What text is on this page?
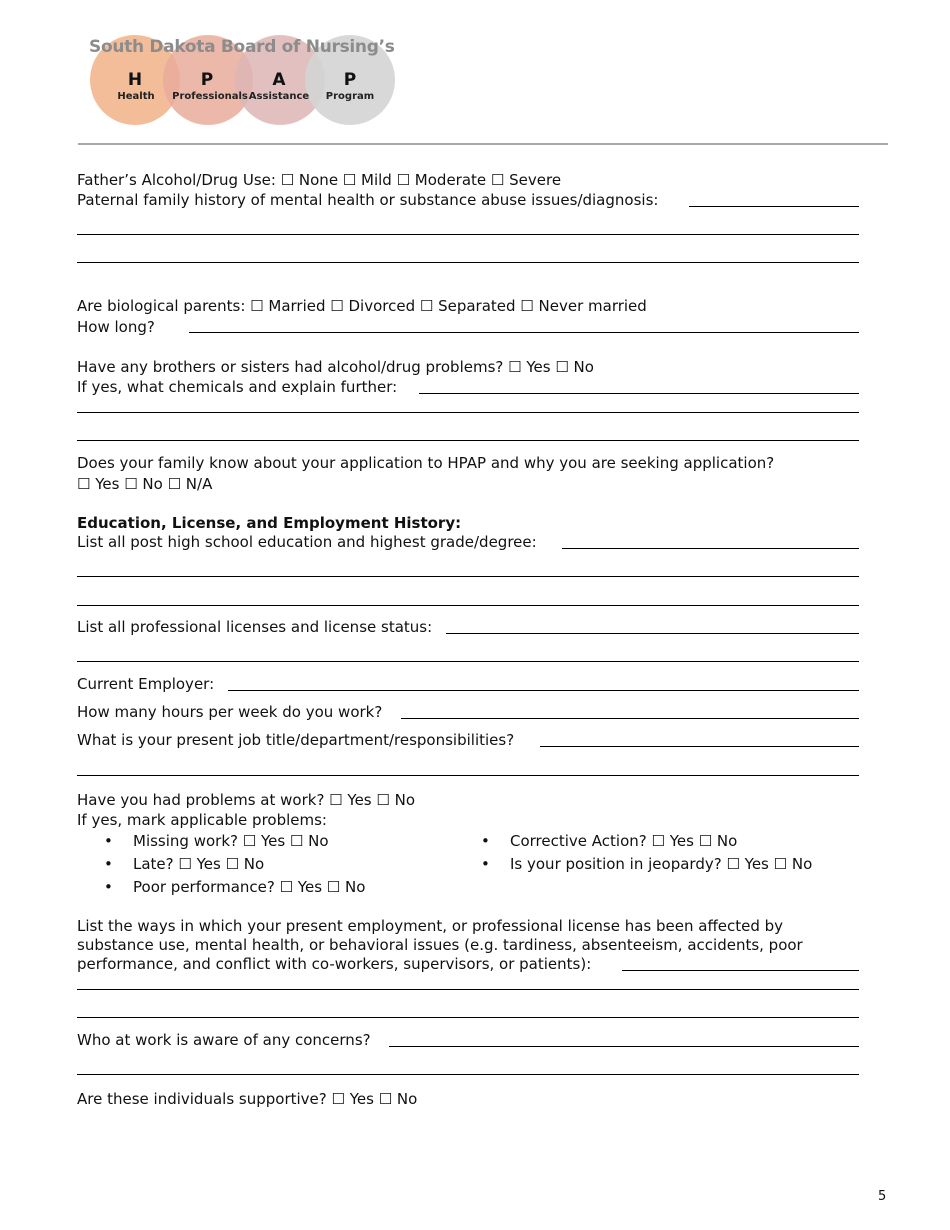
South Dakota Board of Nursing’s
H
Health
P
Professionals
A
Assistance
P
Program
Father’s Alcohol/Drug Use: ☐ None ☐ Mild ☐ Moderate ☐ Severe
Paternal family history of mental health or substance abuse issues/diagnosis:
Are biological parents: ☐ Married ☐ Divorced ☐ Separated ☐ Never married
How long?
Have any brothers or sisters had alcohol/drug problems? ☐ Yes ☐ No
If yes, what chemicals and explain further:
Does your family know about your application to HPAP and why you are seeking application?
☐ Yes ☐ No ☐ N/A
Education, License, and Employment History:
List all post high school education and highest grade/degree:
List all professional licenses and license status:
Current Employer:
How many hours per week do you work?
What is your present job title/department/responsibilities?
Have you had problems at work? ☐ Yes ☐ No
If yes, mark applicable problems:
• Missing work? ☐ Yes ☐ No
• Late? ☐ Yes ☐ No
• Poor performance? ☐ Yes ☐ No
• Corrective Action? ☐ Yes ☐ No
• Is your position in jeopardy? ☐ Yes ☐ No
List the ways in which your present employment, or professional license has been affected by
substance use, mental health, or behavioral issues (e.g. tardiness, absenteeism, accidents, poor
performance, and conflict with co-workers, supervisors, or patients):
Who at work is aware of any concerns?
Are these individuals supportive? ☐ Yes ☐ No
5
